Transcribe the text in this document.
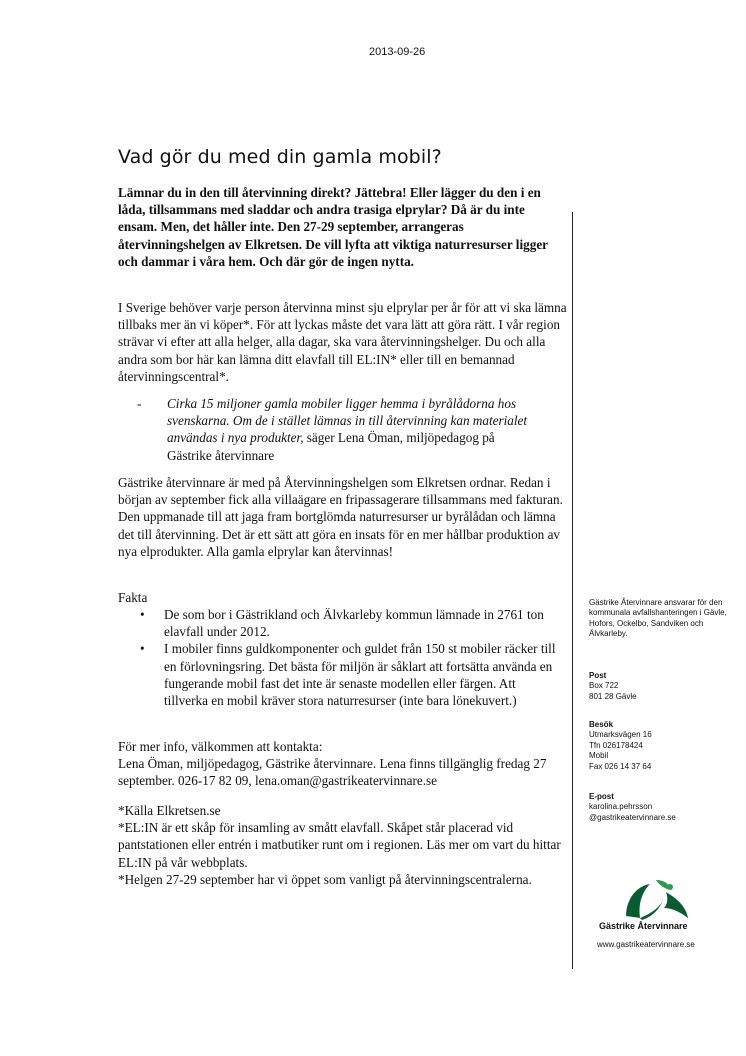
2013-09-26
Vad gör du med din gamla mobil?

Lämnar du in den till återvinning direkt? Jättebra! Eller lägger du den i en låda, tillsammans med sladdar och andra trasiga elprylar? Då är du inte ensam. Men, det håller inte. Den 27-29 september, arrangeras återvinningshelgen av Elkretsen. De vill lyfta att viktiga naturresurser ligger och dammar i våra hem. Och där gör de ingen nytta.

I Sverige behöver varje person återvinna minst sju elprylar per år för att vi ska lämna tillbaks mer än vi köper*. För att lyckas måste det vara lätt att göra rätt. I vår region strävar vi efter att alla helger, alla dagar, ska vara återvinningshelger. Du och alla andra som bor här kan lämna ditt elavfall till EL:IN* eller till en bemannad återvinningscentral*.

- Cirka 15 miljoner gamla mobiler ligger hemma i byrålådorna hos svenskarna. Om de i stället lämnas in till återvinning kan materialet användas i nya produkter, säger Lena Öman, miljöpedagog på Gästrike återvinnare

Gästrike återvinnare är med på Återvinningshelgen som Elkretsen ordnar. Redan i början av september fick alla villaägare en fripassagerare tillsammans med fakturan. Den uppmanade till att jaga fram bortglömda naturresurser ur byrålådan och lämna det till återvinning. Det är ett sätt att göra en insats för en mer hållbar produktion av nya elprodukter. Alla gamla elprylar kan återvinnas!

Fakta
• De som bor i Gästrikland och Älvkarleby kommun lämnade in 2761 ton elavfall under 2012.
• I mobiler finns guldkomponenter och guldet från 150 st mobiler räcker till en förlovningsring. Det bästa för miljön är såklart att fortsätta använda en fungerande mobil fast det inte är senaste modellen eller färgen. Att tillverka en mobil kräver stora naturresurser (inte bara lönekuvert.)
För mer info, välkommen att kontakta:
Lena Öman, miljöpedagog, Gästrike återvinnare. Lena finns tillgänglig fredag 27 september. 026-17 82 09, lena.oman@gastrikeatervinnare.se
*Källa Elkretsen.se
*EL:IN är ett skåp för insamling av smått elavfall. Skåpet står placerad vid pantstationen eller entrén i matbutiker runt om i regionen. Läs mer om vart du hittar EL:IN på vår webbplats.
*Helgen 27-29 september har vi öppet som vanligt på återvinningscentralerna.
Gästrike Återvinnare ansvarar för den kommunala avfallshanteringen i Gävle, Hofors, Ockelbo, Sandviken och Älvkarleby.
Post
Box 722
801 28 Gävle
Besök
Utmarksvägen 16
Tfn 026178424
Mobil
Fax 026 14 37 64
E-post
karolina.pehrsson
@gastrikeatervinnare.se
Gästrike Återvinnare
www.gastrikeatervinnare.se
